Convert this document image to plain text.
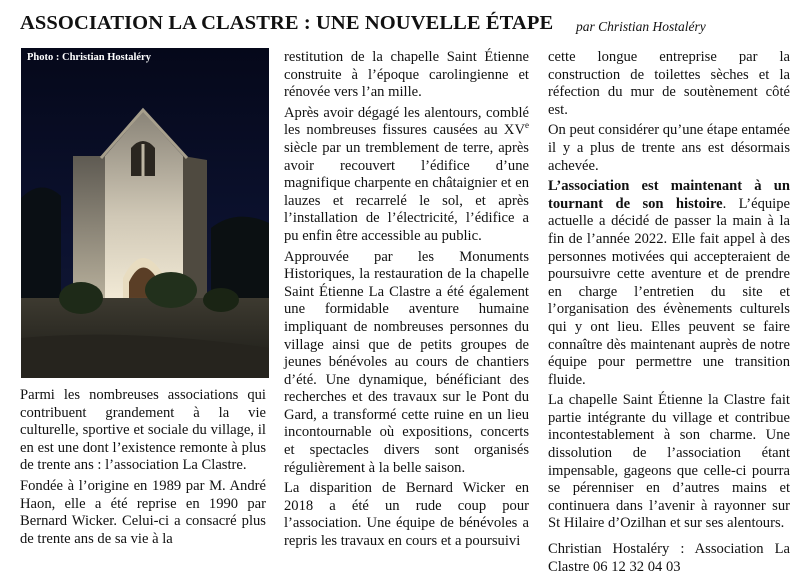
ASSOCIATION LA CLASTRE : UNE NOUVELLE ÉTAPE par Christian Hostaléry
Photo : Christian Hostaléry

Parmi les nombreuses associations qui contribuent grandement à la vie culturelle, sportive et sociale du village, il en est une dont l’existence remonte à plus de trente ans : l’association La Clastre.

Fondée à l’origine en 1989 par M. André Haon, elle a été reprise en 1990 par Bernard Wicker. Celui-ci a consacré plus de trente ans de sa vie à la

restitution de la chapelle Saint Étienne construite à l’époque carolingienne et rénovée vers l’an mille.

Après avoir dégagé les alentours, comblé les nombreuses fissures causées au XVe siècle par un tremblement de terre, après avoir recouvert l’édifice d’une magnifique charpente en châtaignier et en lauzes et recarrelé le sol, et après l’installation de l’électricité, l’édifice a pu enfin être accessible au public.

Approuvée par les Monuments Historiques, la restauration de la chapelle Saint Étienne La Clastre a été également une formidable aventure humaine impliquant de nombreuses personnes du village ainsi que de petits groupes de jeunes bénévoles au cours de chantiers d’été. Une dynamique, bénéficiant des recherches et des travaux sur le Pont du Gard, a transformé cette ruine en un lieu incontournable où expositions, concerts et spectacles divers sont organisés régulièrement à la belle saison.

La disparition de Bernard Wicker en 2018 a été un rude coup pour l’association. Une équipe de bénévoles a repris les travaux en cours et a poursuivi

cette longue entreprise par la construction de toilettes sèches et la réfection du mur de soutènement côté est.

On peut considérer qu’une étape entamée il y a plus de trente ans est désormais achevée.

L’association est maintenant à un tournant de son histoire. L’équipe actuelle a décidé de passer la main à la fin de l’année 2022. Elle fait appel à des personnes motivées qui accepteraient de poursuivre cette aventure et de prendre en charge l’entretien du site et l’organisation des évènements culturels qui y ont lieu. Elles peuvent se faire connaître dès maintenant auprès de notre équipe pour permettre une transition fluide.

La chapelle Saint Étienne la Clastre fait partie intégrante du village et contribue incontestablement à son charme. Une dissolution de l’association étant impensable, gageons que celle-ci pourra se pérenniser en d’autres mains et continuera dans l’avenir à rayonner sur St Hilaire d’Ozilhan et sur ses alentours.

Christian Hostaléry : Association La Clastre 06 12 32 04 03
